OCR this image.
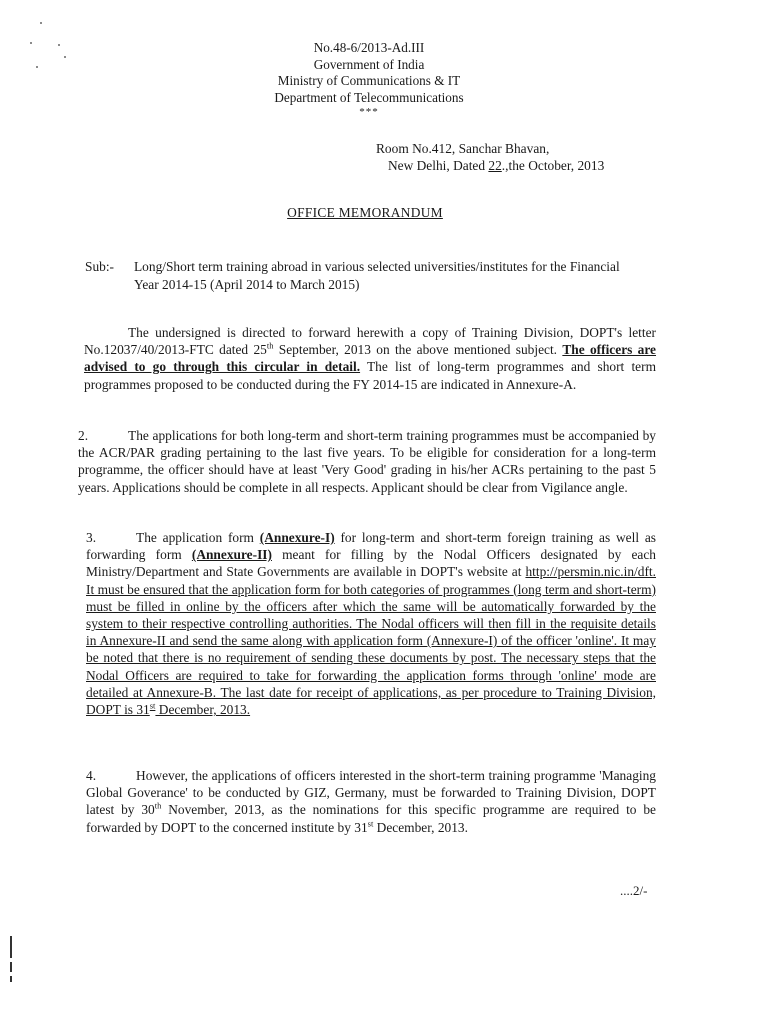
No.48-6/2013-Ad.III
Government of India
Ministry of Communications & IT
Department of Telecommunications
***
Room No.412, Sanchar Bhavan,
New Delhi, Dated 22.,the October, 2013
OFFICE MEMORANDUM
Sub:- Long/Short term training abroad in various selected universities/institutes for the Financial Year 2014-15 (April 2014 to March 2015)
The undersigned is directed to forward herewith a copy of Training Division, DOPT's letter No.12037/40/2013-FTC dated 25th September, 2013 on the above mentioned subject. The officers are advised to go through this circular in detail. The list of long-term programmes and short term programmes proposed to be conducted during the FY 2014-15 are indicated in Annexure-A.
2.	The applications for both long-term and short-term training programmes must be accompanied by the ACR/PAR grading pertaining to the last five years. To be eligible for consideration for a long-term programme, the officer should have at least 'Very Good' grading in his/her ACRs pertaining to the past 5 years. Applications should be complete in all respects. Applicant should be clear from Vigilance angle.
3.	The application form (Annexure-I) for long-term and short-term foreign training as well as forwarding form (Annexure-II) meant for filling by the Nodal Officers designated by each Ministry/Department and State Governments are available in DOPT's website at http://persmin.nic.in/dft. It must be ensured that the application form for both categories of programmes (long term and short-term) must be filled in online by the officers after which the same will be automatically forwarded by the system to their respective controlling authorities. The Nodal officers will then fill in the requisite details in Annexure-II and send the same along with application form (Annexure-I) of the officer 'online'. It may be noted that there is no requirement of sending these documents by post. The necessary steps that the Nodal Officers are required to take for forwarding the application forms through 'online' mode are detailed at Annexure-B. The last date for receipt of applications, as per procedure to Training Division, DOPT is 31st December, 2013.
4.	However, the applications of officers interested in the short-term training programme 'Managing Global Goverance' to be conducted by GIZ, Germany, must be forwarded to Training Division, DOPT latest by 30th November, 2013, as the nominations for this specific programme are required to be forwarded by DOPT to the concerned institute by 31st December, 2013.
....2/-
